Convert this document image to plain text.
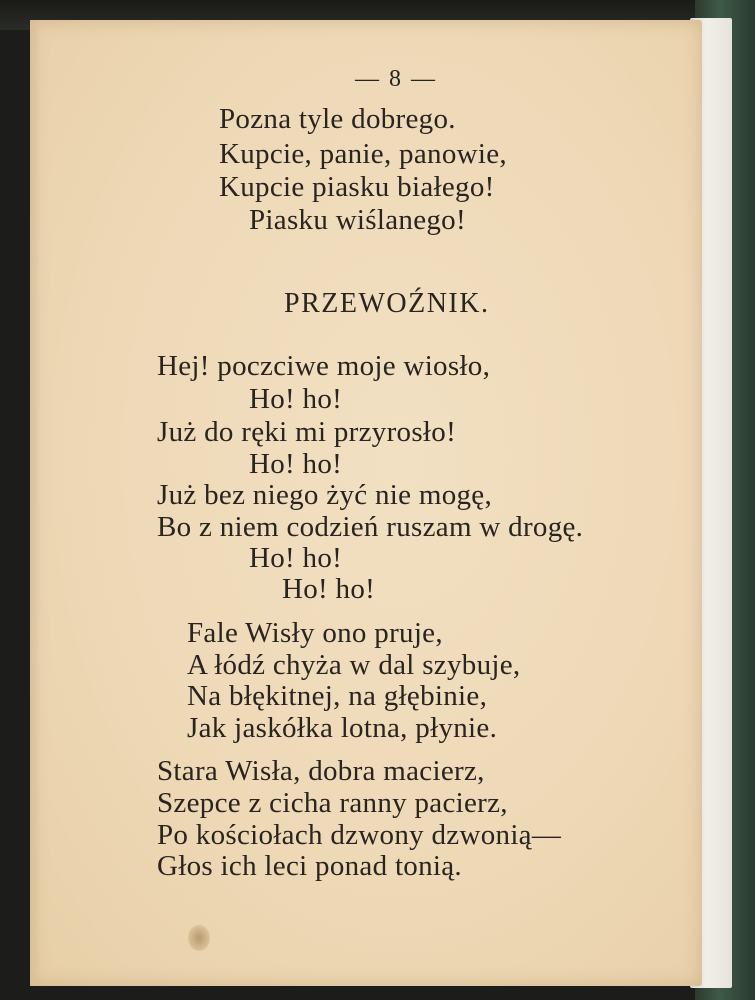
— 8 —

Pozna tyle dobrego.

Kupcie, panie, panowie,

Kupcie piasku białego!

Piasku wiślanego!

PRZEWOŹNIK.

Hej! poczciwe moje wiosło,

Ho! ho!

Już do ręki mi przyrosło!

Ho! ho!

Już bez niego żyć nie mogę,

Bo z niem codzień ruszam w drogę.

Ho! ho!

Ho! ho!

Fale Wisły ono pruje,

A łódź chyża w dal szybuje,

Na błękitnej, na głębinie,

Jak jaskółka lotna, płynie.

Stara Wisła, dobra macierz,

Szepce z cicha ranny pacierz,

Po kościołach dzwony dzwonią—

Głos ich leci ponad tonią.
